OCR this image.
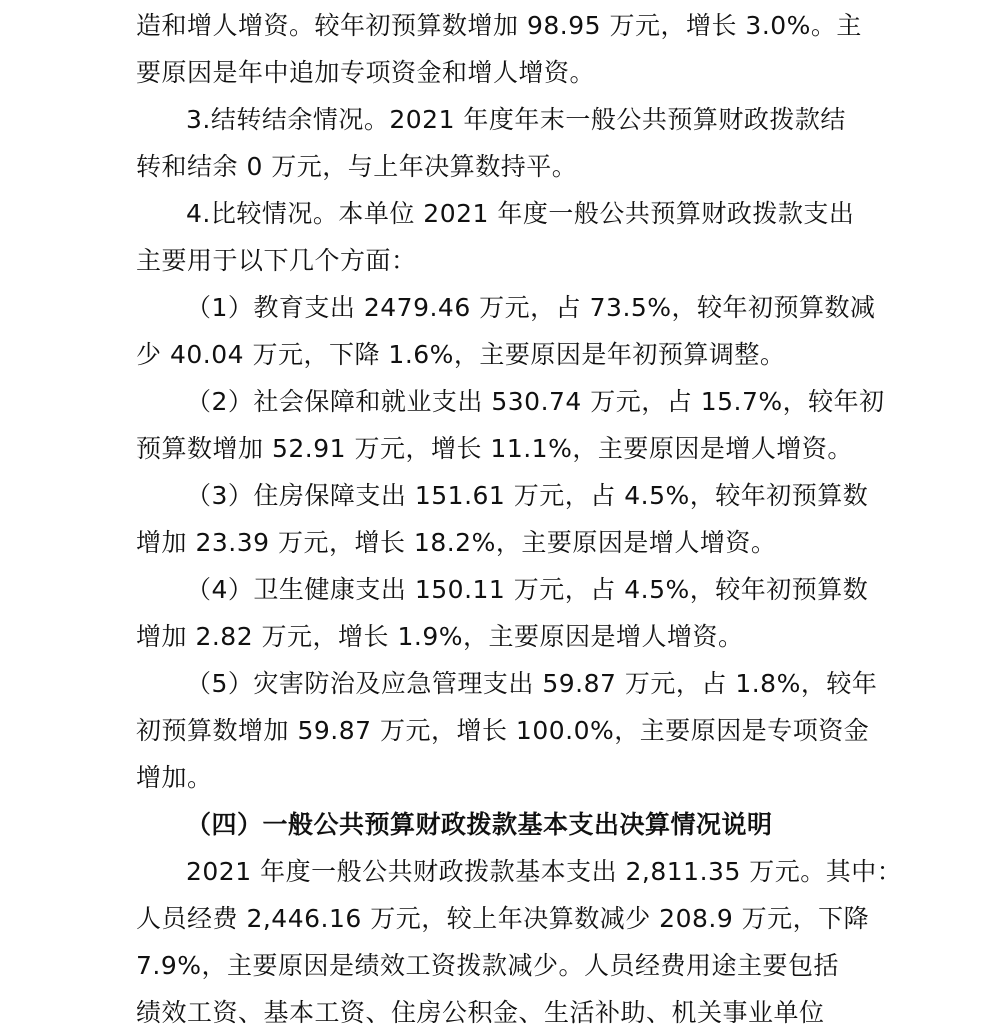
造和增人增资。较年初预算数增加 98.95 万元，增长 3.0%。主
要原因是年中追加专项资金和增人增资。
3.结转结余情况。2021 年度年末一般公共预算财政拨款结
转和结余 0 万元，与上年决算数持平。
4.比较情况。本单位 2021 年度一般公共预算财政拨款支出
主要用于以下几个方面：
（1）教育支出 2479.46 万元，占 73.5%，较年初预算数减
少 40.04 万元，下降 1.6%，主要原因是年初预算调整。
（2）社会保障和就业支出 530.74 万元，占 15.7%，较年初
预算数增加 52.91 万元，增长 11.1%，主要原因是增人增资。
（3）住房保障支出 151.61 万元，占 4.5%，较年初预算数
增加 23.39 万元，增长 18.2%，主要原因是增人增资。
（4）卫生健康支出 150.11 万元，占 4.5%，较年初预算数
增加 2.82 万元，增长 1.9%，主要原因是增人增资。
（5）灾害防治及应急管理支出 59.87 万元，占 1.8%，较年
初预算数增加 59.87 万元，增长 100.0%，主要原因是专项资金
增加。
（四）一般公共预算财政拨款基本支出决算情况说明
2021 年度一般公共财政拨款基本支出 2,811.35 万元。其中：
人员经费 2,446.16 万元，较上年决算数减少 208.9 万元，下降
7.9%，主要原因是绩效工资拨款减少。人员经费用途主要包括
绩效工资、基本工资、住房公积金、生活补助、机关事业单位
